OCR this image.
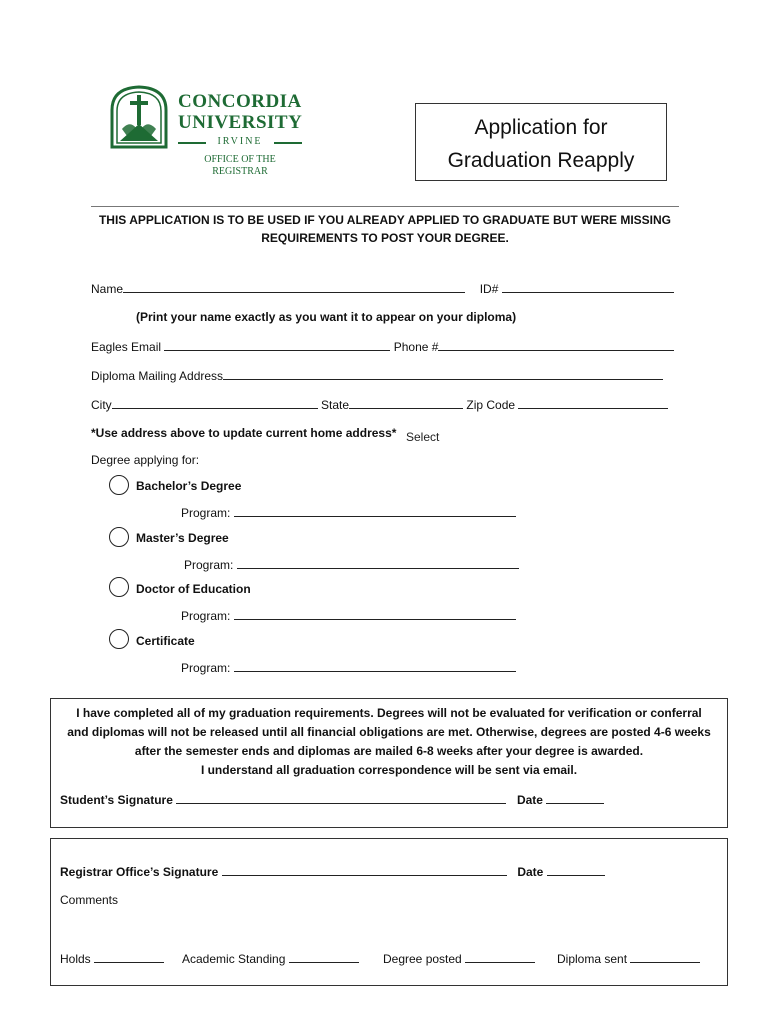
CONCORDIA
UNIVERSITY
IRVINE
OFFICE OF THE REGISTRAR
Application for
Graduation Reapply
THIS APPLICATION IS TO BE USED IF YOU ALREADY APPLIED TO GRADUATE BUT WERE MISSING REQUIREMENTS TO POST YOUR DEGREE.
Name	ID#
(Print your name exactly as you want it to appear on your diploma)
Eagles Email	Phone #
Diploma Mailing Address
City	State	Zip Code
*Use address above to update current home address* Select
Degree applying for:
Bachelor’s Degree
Program:
Master’s Degree
Program:
Doctor of Education
Program:
Certificate
Program:
I have completed all of my graduation requirements. Degrees will not be evaluated for verification or conferral
and diplomas will not be released until all financial obligations are met. Otherwise, degrees are posted 4-6 weeks
after the semester ends and diplomas are mailed 6-8 weeks after your degree is awarded.
I understand all graduation correspondence will be sent via email.
Student’s Signature	Date
Registrar Office’s Signature	Date
Comments
Holds	Academic Standing	Degree posted	Diploma sent
